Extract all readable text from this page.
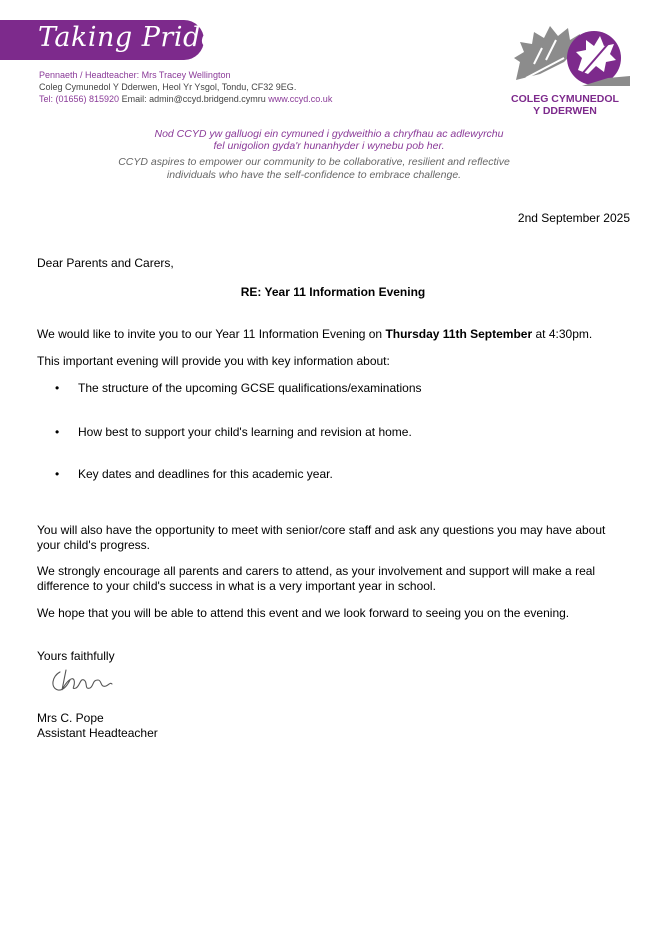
Taking Pride
Pennaeth / Headteacher: Mrs Tracey Wellington
Coleg Cymunedol Y Dderwen, Heol Yr Ysgol, Tondu, CF32 9EG.
Tel: (01656) 815920 Email: admin@ccyd.bridgend.cymru www.ccyd.co.uk	COLEG CYMUNEDOL
Y DDERWEN
Nod CCYD yw galluogi ein cymuned i gydweithio a chryfhau ac adlewyrchu
fel unigolion gyda'r hunanhyder i wynebu pob her.
CCYD aspires to empower our community to be collaborative, resilient and reflective
individuals who have the self-confidence to embrace challenge.
2nd September 2025
Dear Parents and Carers,
RE: Year 11 Information Evening
We would like to invite you to our Year 11 Information Evening on Thursday 11th September at 4:30pm.
This important evening will provide you with key information about:
The structure of the upcoming GCSE qualifications/examinations
How best to support your child's learning and revision at home.
Key dates and deadlines for this academic year.
You will also have the opportunity to meet with senior/core staff and ask any questions you may have about
your child's progress.
We strongly encourage all parents and carers to attend, as your involvement and support will make a real
difference to your child's success in what is a very important year in school.
We hope that you will be able to attend this event and we look forward to seeing you on the evening.
Yours faithfully
Mrs C. Pope
Assistant Headteacher
